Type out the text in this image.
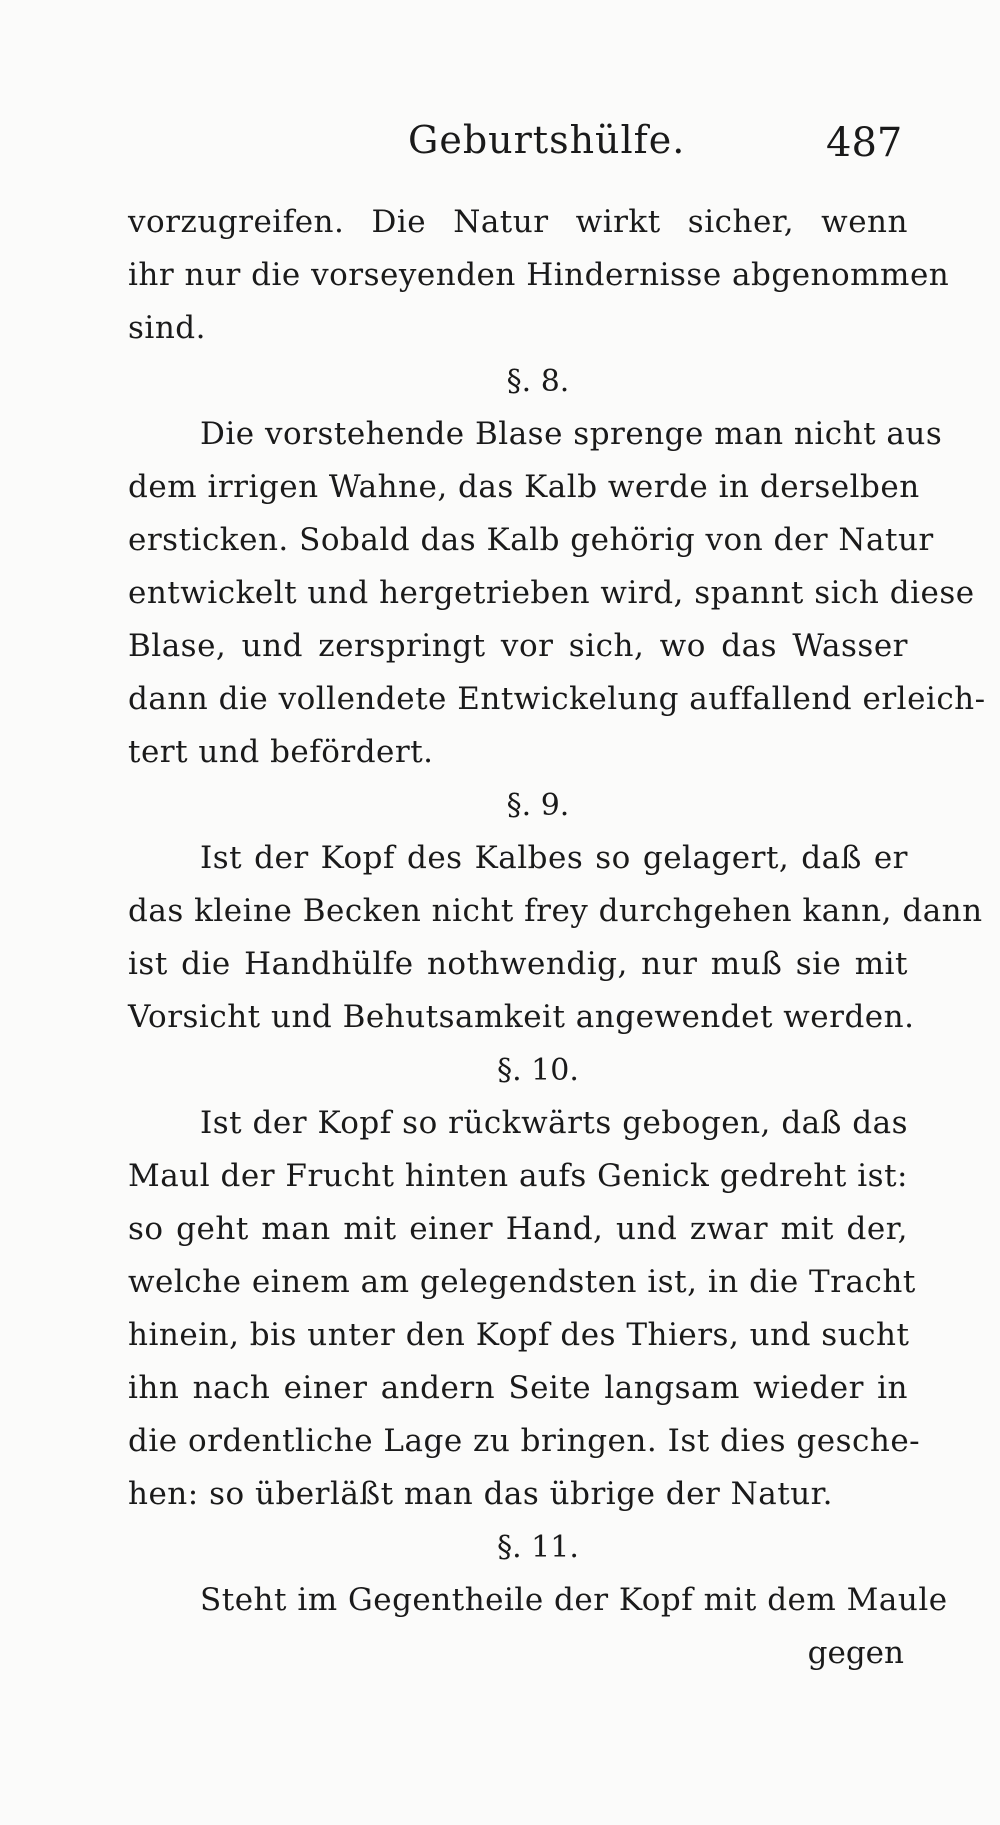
Geburtshülfe.	487
vorzugreifen. Die Natur wirkt sicher, wenn
ihr nur die vorseyenden Hindernisse abgenommen
sind.
§. 8.
Die vorstehende Blase sprenge man nicht aus
dem irrigen Wahne, das Kalb werde in derselben
ersticken. Sobald das Kalb gehörig von der Natur
entwickelt und hergetrieben wird, spannt sich diese
Blase, und zerspringt vor sich, wo das Wasser
dann die vollendete Entwickelung auffallend erleich-
tert und befördert.
§. 9.
Ist der Kopf des Kalbes so gelagert, daß er
das kleine Becken nicht frey durchgehen kann, dann
ist die Handhülfe nothwendig, nur muß sie mit
Vorsicht und Behutsamkeit angewendet werden.
§. 10.
Ist der Kopf so rückwärts gebogen, daß das
Maul der Frucht hinten aufs Genick gedreht ist:
so geht man mit einer Hand, und zwar mit der,
welche einem am gelegendsten ist, in die Tracht
hinein, bis unter den Kopf des Thiers, und sucht
ihn nach einer andern Seite langsam wieder in
die ordentliche Lage zu bringen. Ist dies gesche-
hen: so überläßt man das übrige der Natur.
§. 11.
Steht im Gegentheile der Kopf mit dem Maule
gegen
